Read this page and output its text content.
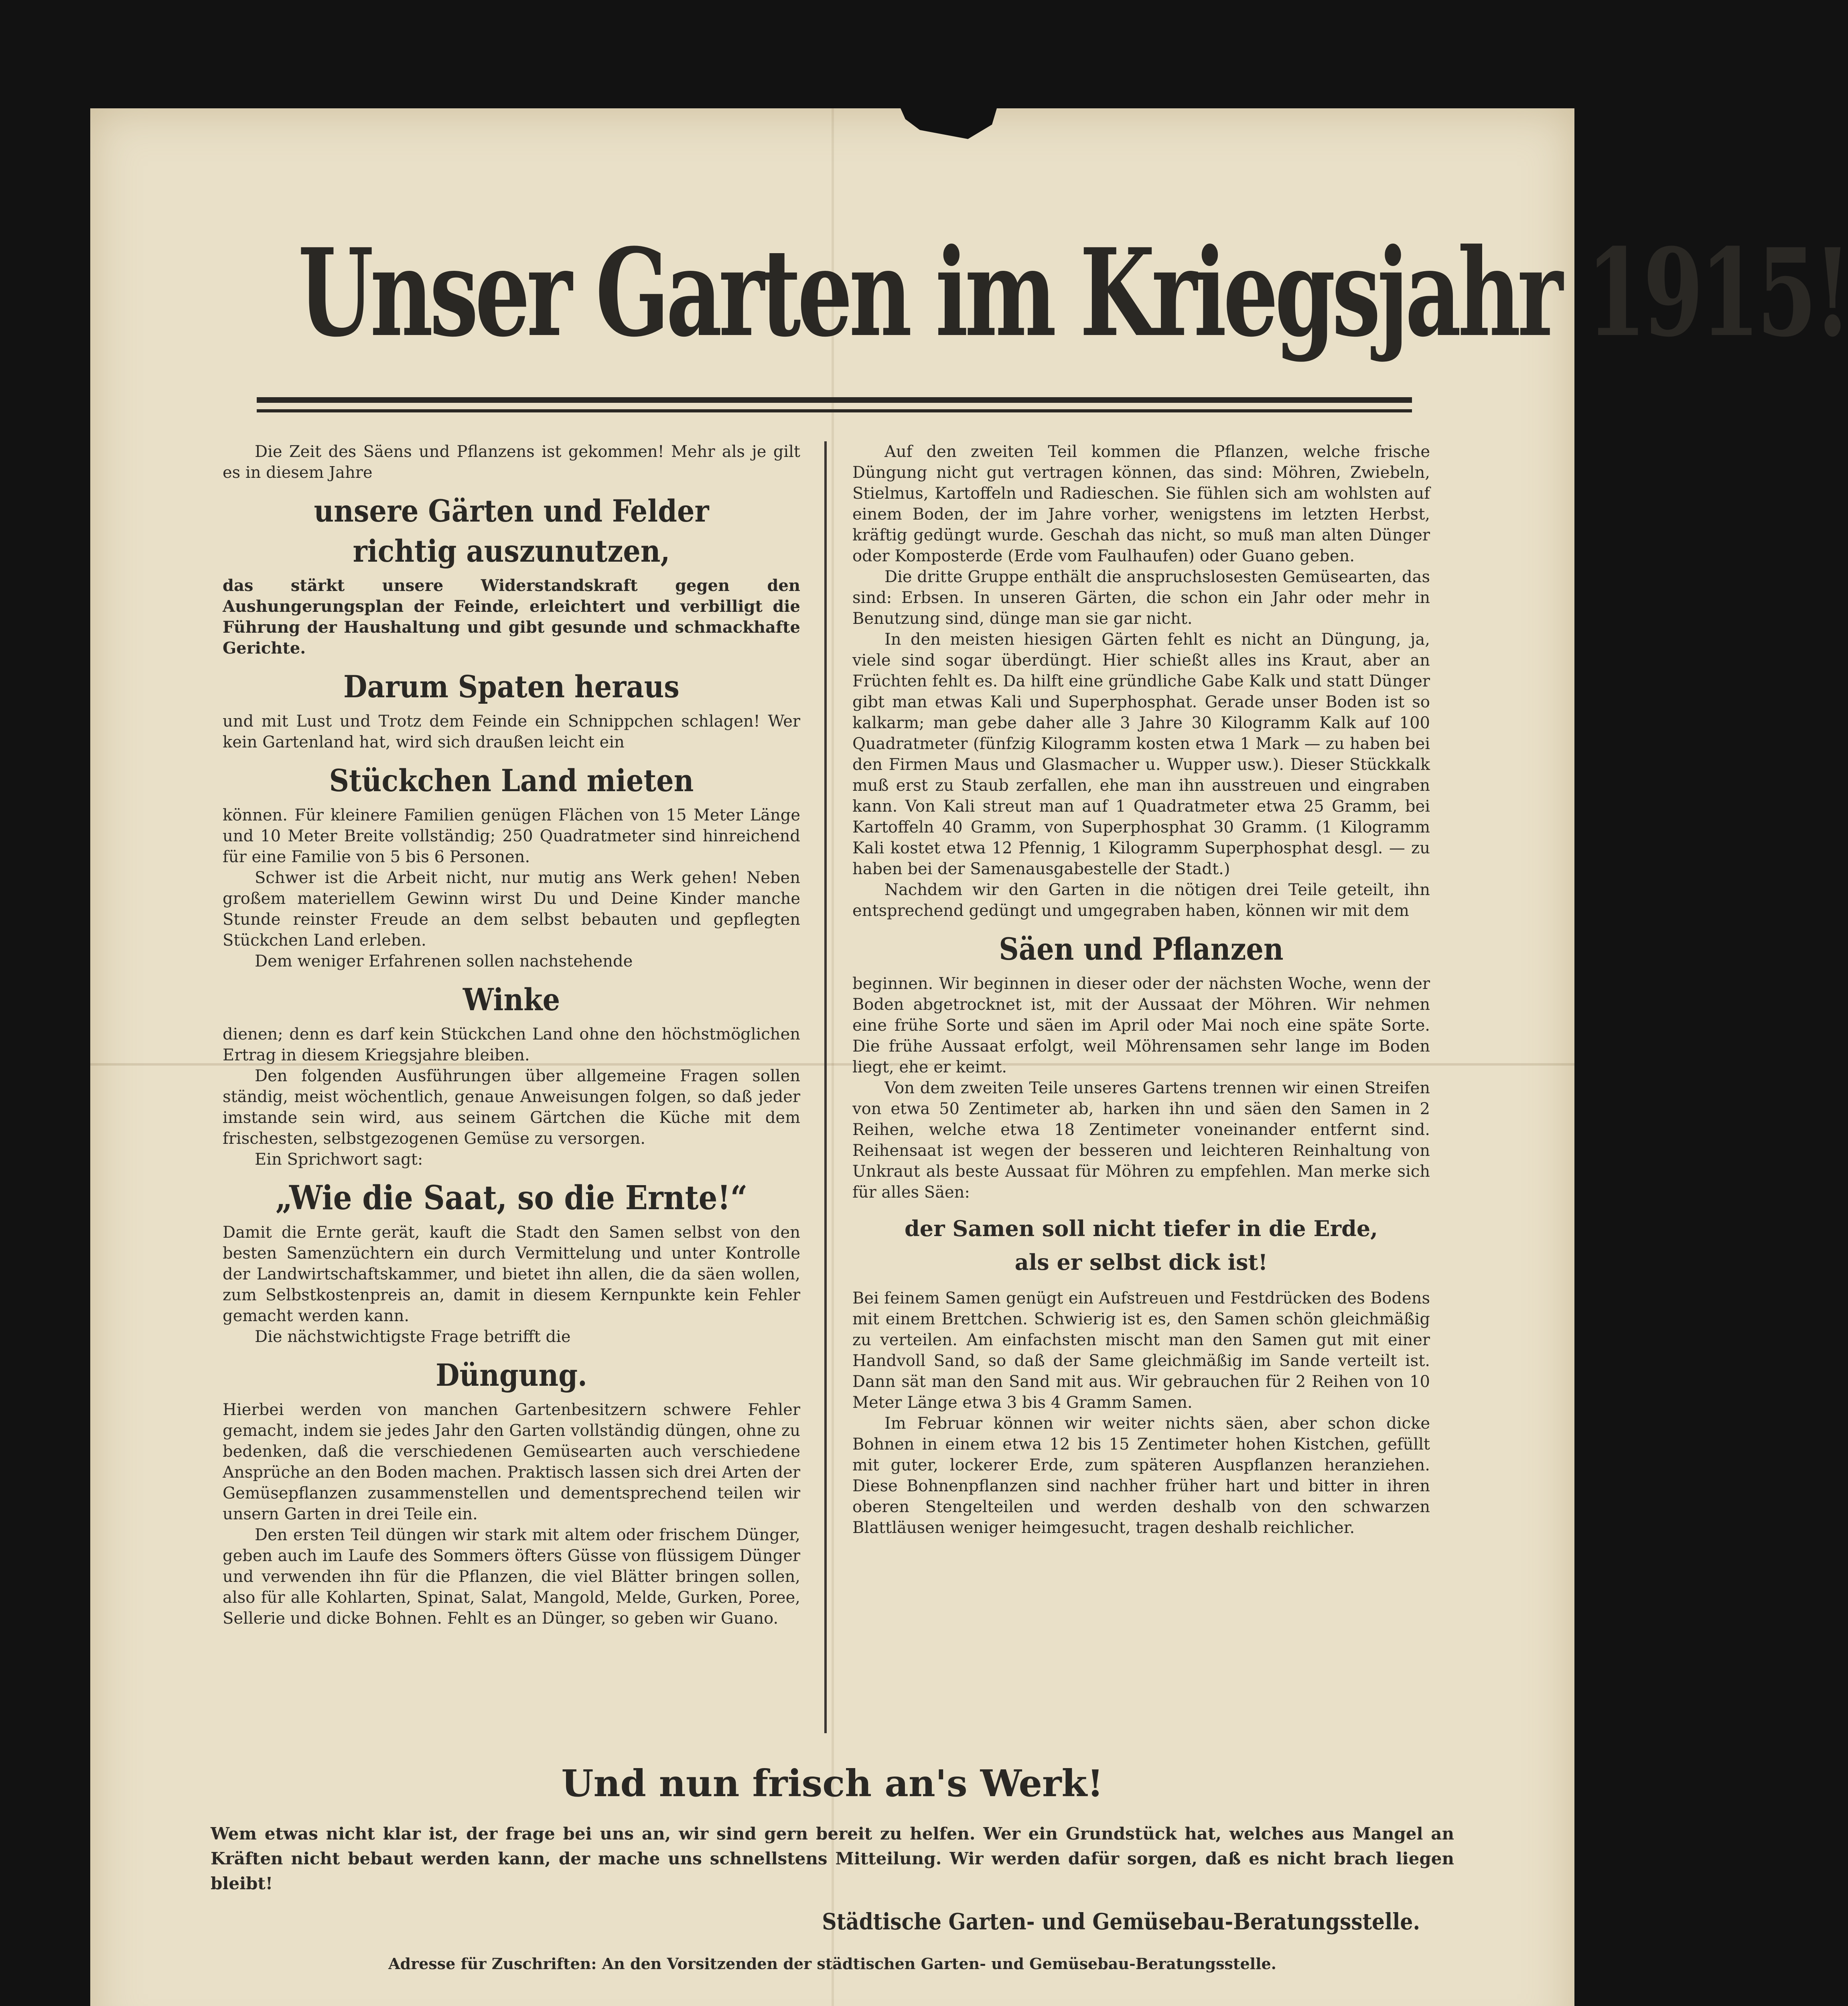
Unser Garten im Kriegsjahr 1915!

Die Zeit des Säens und Pflanzens ist gekommen! Mehr als je gilt es in diesem Jahre

unsere Gärten und Felder
richtig auszunutzen,

das stärkt unsere Widerstandskraft gegen den Aushungerungsplan der Feinde, erleichtert und verbilligt die Führung der Haushaltung und gibt gesunde und schmackhafte Gerichte.

Darum Spaten heraus

und mit Lust und Trotz dem Feinde ein Schnippchen schlagen! Wer kein Gartenland hat, wird sich draußen leicht ein

Stückchen Land mieten

können. Für kleinere Familien genügen Flächen von 15 Meter Länge und 10 Meter Breite vollständig; 250 Quadratmeter sind hinreichend für eine Familie von 5 bis 6 Personen.

Schwer ist die Arbeit nicht, nur mutig ans Werk gehen! Neben großem materiellem Gewinn wirst Du und Deine Kinder manche Stunde reinster Freude an dem selbst bebauten und gepflegten Stückchen Land erleben.

Dem weniger Erfahrenen sollen nachstehende

Winke

dienen; denn es darf kein Stückchen Land ohne den höchstmöglichen Ertrag in diesem Kriegsjahre bleiben.

Den folgenden Ausführungen über allgemeine Fragen sollen ständig, meist wöchentlich, genaue Anweisungen folgen, so daß jeder imstande sein wird, aus seinem Gärtchen die Küche mit dem frischesten, selbstgezogenen Gemüse zu versorgen.

Ein Sprichwort sagt:

„Wie die Saat, so die Ernte!“

Damit die Ernte gerät, kauft die Stadt den Samen selbst von den besten Samenzüchtern ein durch Vermittelung und unter Kontrolle der Landwirtschaftskammer, und bietet ihn allen, die da säen wollen, zum Selbstkostenpreis an, damit in diesem Kernpunkte kein Fehler gemacht werden kann.

Die nächstwichtigste Frage betrifft die

Düngung.

Hierbei werden von manchen Gartenbesitzern schwere Fehler gemacht, indem sie jedes Jahr den Garten vollständig düngen, ohne zu bedenken, daß die verschiedenen Gemüsearten auch verschiedene Ansprüche an den Boden machen. Praktisch lassen sich drei Arten der Gemüsepflanzen zusammenstellen und dementsprechend teilen wir unsern Garten in drei Teile ein.

Den ersten Teil düngen wir stark mit altem oder frischem Dünger, geben auch im Laufe des Sommers öfters Güsse von flüssigem Dünger und verwenden ihn für die Pflanzen, die viel Blätter bringen sollen, also für alle Kohlarten, Spinat, Salat, Mangold, Melde, Gurken, Poree, Sellerie und dicke Bohnen. Fehlt es an Dünger, so geben wir Guano.

Auf den zweiten Teil kommen die Pflanzen, welche frische Düngung nicht gut vertragen können, das sind: Möhren, Zwiebeln, Stielmus, Kartoffeln und Radieschen. Sie fühlen sich am wohlsten auf einem Boden, der im Jahre vorher, wenigstens im letzten Herbst, kräftig gedüngt wurde. Geschah das nicht, so muß man alten Dünger oder Komposterde (Erde vom Faulhaufen) oder Guano geben.

Die dritte Gruppe enthält die anspruchslosesten Gemüsearten, das sind: Erbsen. In unseren Gärten, die schon ein Jahr oder mehr in Benutzung sind, dünge man sie gar nicht.

In den meisten hiesigen Gärten fehlt es nicht an Düngung, ja, viele sind sogar überdüngt. Hier schießt alles ins Kraut, aber an Früchten fehlt es. Da hilft eine gründliche Gabe Kalk und statt Dünger gibt man etwas Kali und Superphosphat. Gerade unser Boden ist so kalkarm; man gebe daher alle 3 Jahre 30 Kilogramm Kalk auf 100 Quadratmeter (fünfzig Kilogramm kosten etwa 1 Mark — zu haben bei den Firmen Maus und Glasmacher u. Wupper usw.). Dieser Stückkalk muß erst zu Staub zerfallen, ehe man ihn ausstreuen und eingraben kann. Von Kali streut man auf 1 Quadratmeter etwa 25 Gramm, bei Kartoffeln 40 Gramm, von Superphosphat 30 Gramm. (1 Kilogramm Kali kostet etwa 12 Pfennig, 1 Kilogramm Superphosphat desgl. — zu haben bei der Samenausgabestelle der Stadt.)

Nachdem wir den Garten in die nötigen drei Teile geteilt, ihn entsprechend gedüngt und umgegraben haben, können wir mit dem

Säen und Pflanzen

beginnen. Wir beginnen in dieser oder der nächsten Woche, wenn der Boden abgetrocknet ist, mit der Aussaat der Möhren. Wir nehmen eine frühe Sorte und säen im April oder Mai noch eine späte Sorte. Die frühe Aussaat erfolgt, weil Möhrensamen sehr lange im Boden liegt, ehe er keimt.

Von dem zweiten Teile unseres Gartens trennen wir einen Streifen von etwa 50 Zentimeter ab, harken ihn und säen den Samen in 2 Reihen, welche etwa 18 Zentimeter voneinander entfernt sind. Reihensaat ist wegen der besseren und leichteren Reinhaltung von Unkraut als beste Aussaat für Möhren zu empfehlen. Man merke sich für alles Säen:

der Samen soll nicht tiefer in die Erde,
als er selbst dick ist!

Bei feinem Samen genügt ein Aufstreuen und Festdrücken des Bodens mit einem Brettchen. Schwierig ist es, den Samen schön gleichmäßig zu verteilen. Am einfachsten mischt man den Samen gut mit einer Handvoll Sand, so daß der Same gleichmäßig im Sande verteilt ist. Dann sät man den Sand mit aus. Wir gebrauchen für 2 Reihen von 10 Meter Länge etwa 3 bis 4 Gramm Samen.

Im Februar können wir weiter nichts säen, aber schon dicke Bohnen in einem etwa 12 bis 15 Zentimeter hohen Kistchen, gefüllt mit guter, lockerer Erde, zum späteren Auspflanzen heranziehen. Diese Bohnenpflanzen sind nachher früher hart und bitter in ihren oberen Stengelteilen und werden deshalb von den schwarzen Blattläusen weniger heimgesucht, tragen deshalb reichlicher.

Und nun frisch an's Werk!
Wem etwas nicht klar ist, der frage bei uns an, wir sind gern bereit zu helfen. Wer ein Grundstück hat, welches aus Mangel an Kräften nicht bebaut werden kann, der mache uns schnellstens Mitteilung. Wir werden dafür sorgen, daß es nicht brach liegen bleibt!
Städtische Garten- und Gemüsebau-Beratungsstelle.
Adresse für Zuschriften: An den Vorsitzenden der städtischen Garten- und Gemüsebau-Beratungsstelle.
